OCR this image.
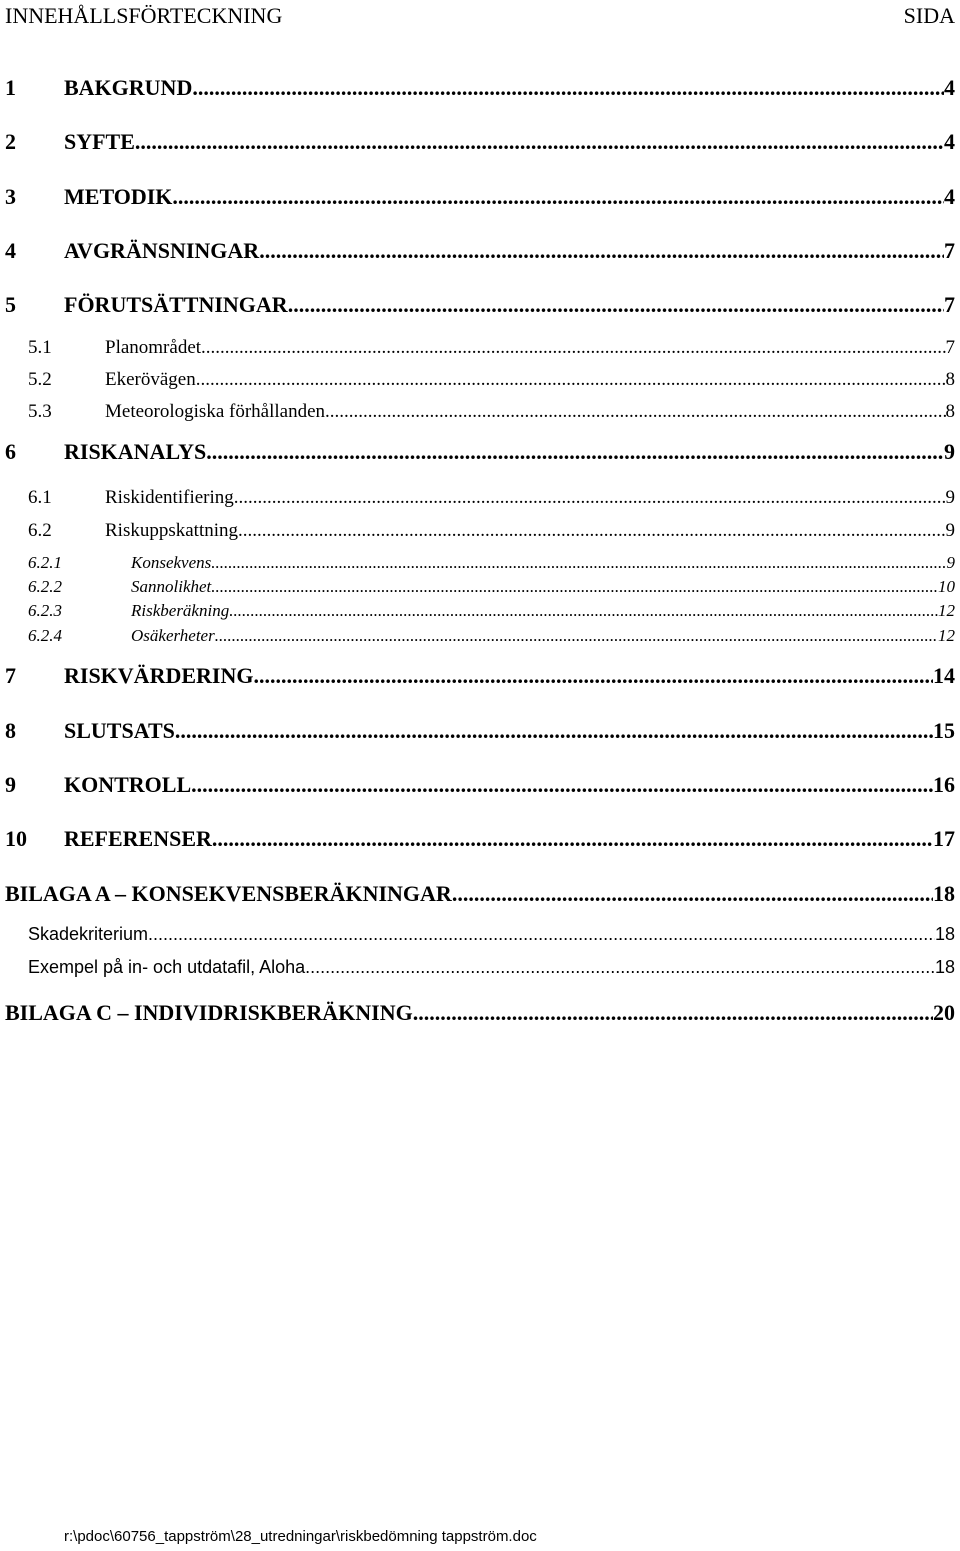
INNEHÅLLSFÖRTECKNING	SIDA
1	BAKGRUND .....	4
2	SYFTE .....	4
3	METODIK .....	4
4	AVGRÄNSNINGAR .....	7
5	FÖRUTSÄTTNINGAR .....	7
5.1	Planområdet .....	7
5.2	Ekerövägen .....	8
5.3	Meteorologiska förhållanden .....	8
6	RISKANALYS .....	9
6.1	Riskidentifiering .....	9
6.2	Riskuppskattning .....	9
6.2.1	Konsekvens .....	9
6.2.2	Sannolikhet .....	10
6.2.3	Riskberäkning .....	12
6.2.4	Osäkerheter .....	12
7	RISKVÄRDERING .....	14
8	SLUTSATS .....	15
9	KONTROLL .....	16
10	REFERENSER .....	17
BILAGA A – KONSEKVENSBERÄKNINGAR .....	18
Skadekriterium .....	18
Exempel på in- och utdatafil, Aloha .....	18
BILAGA C – INDIVIDRISKBERÄKNING .....	20
r:\pdoc\60756_tappström\28_utredningar\riskbedömning tappström.doc
